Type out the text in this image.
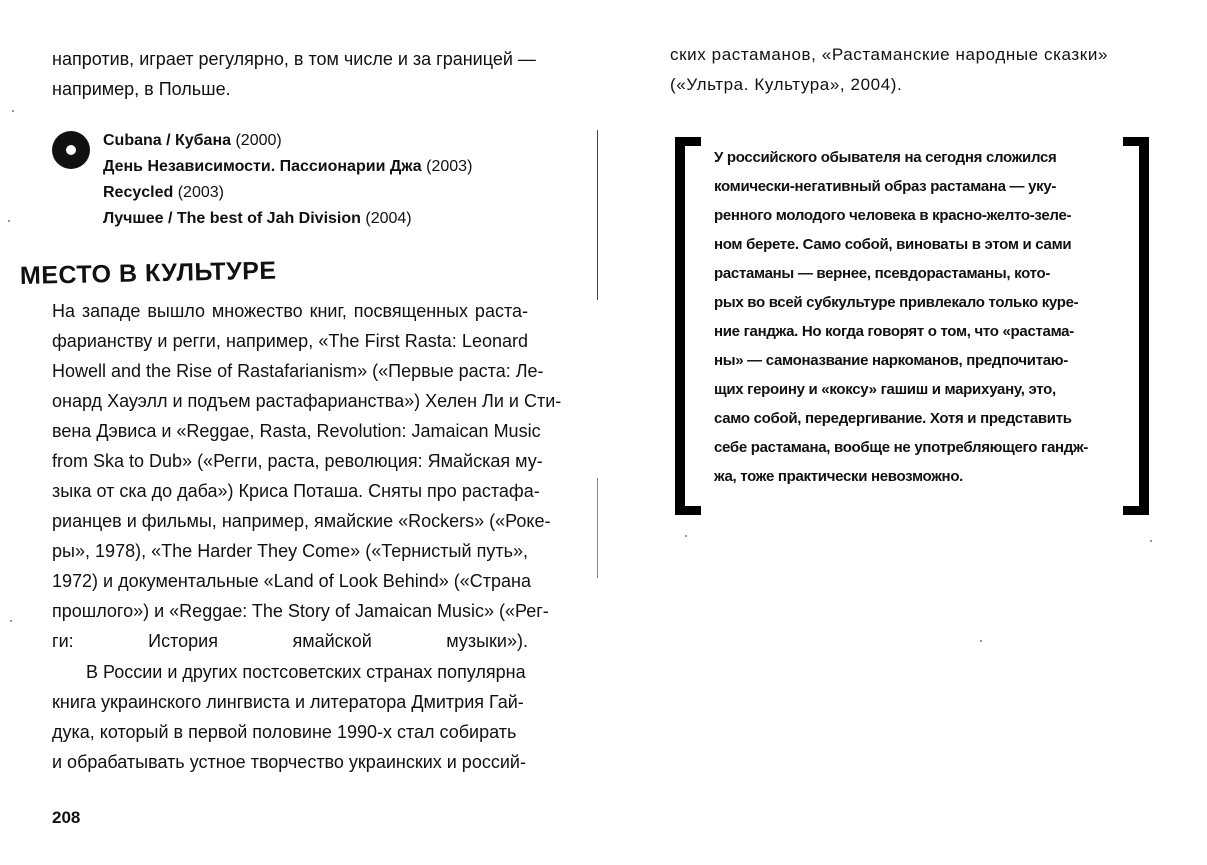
напротив, играет регулярно, в том числе и за границей —
например, в Польше.
Cubana / Кубана (2000)
День Независимости. Пассионарии Джа (2003)
Recycled (2003)
Лучшее / The best of Jah Division (2004)
МЕСТО В КУЛЬТУРЕ
На западе вышло множество книг, посвященных раста-
фарианству и регги, например, «The First Rasta: Leonard
Howell and the Rise of Rastafarianism» («Первые раста: Ле-
онард Хауэлл и подъем растафарианства») Хелен Ли и Сти-
вена Дэвиса и «Reggae, Rasta, Revolution: Jamaican Music
from Ska to Dub» («Регги, раста, революция: Ямайская му-
зыка от ска до даба») Криса Поташа. Сняты про растафа-
рианцев и фильмы, например, ямайские «Rockers» («Роке-
ры», 1978), «The Harder They Come» («Тернистый путь»,
1972) и документальные «Land of Look Behind» («Страна
прошлого») и «Reggae: The Story of Jamaican Music» («Рег-
ги: История ямайской музыки»).
В России и других постсоветских странах популярна
книга украинского лингвиста и литератора Дмитрия Гай-
дука, который в первой половине 1990-х стал собирать
и обрабатывать устное творчество украинских и россий-
208
ских растаманов, «Растаманские народные сказки»
(«Ультра. Культура», 2004).
У российского обывателя на сегодня сложился
комически-негативный образ растамана — уку-
ренного молодого человека в красно-желто-зеле-
ном берете. Само собой, виноваты в этом и сами
растаманы — вернее, псевдорастаманы, кото-
рых во всей субкультуре привлекало только куре-
ние ганджа. Но когда говорят о том, что «растама-
ны» — самоназвание наркоманов, предпочитаю-
щих героину и «коксу» гашиш и марихуану, это,
само собой, передергивание. Хотя и представить
себе растамана, вообще не употребляющего гандж-
жа, тоже практически невозможно.
